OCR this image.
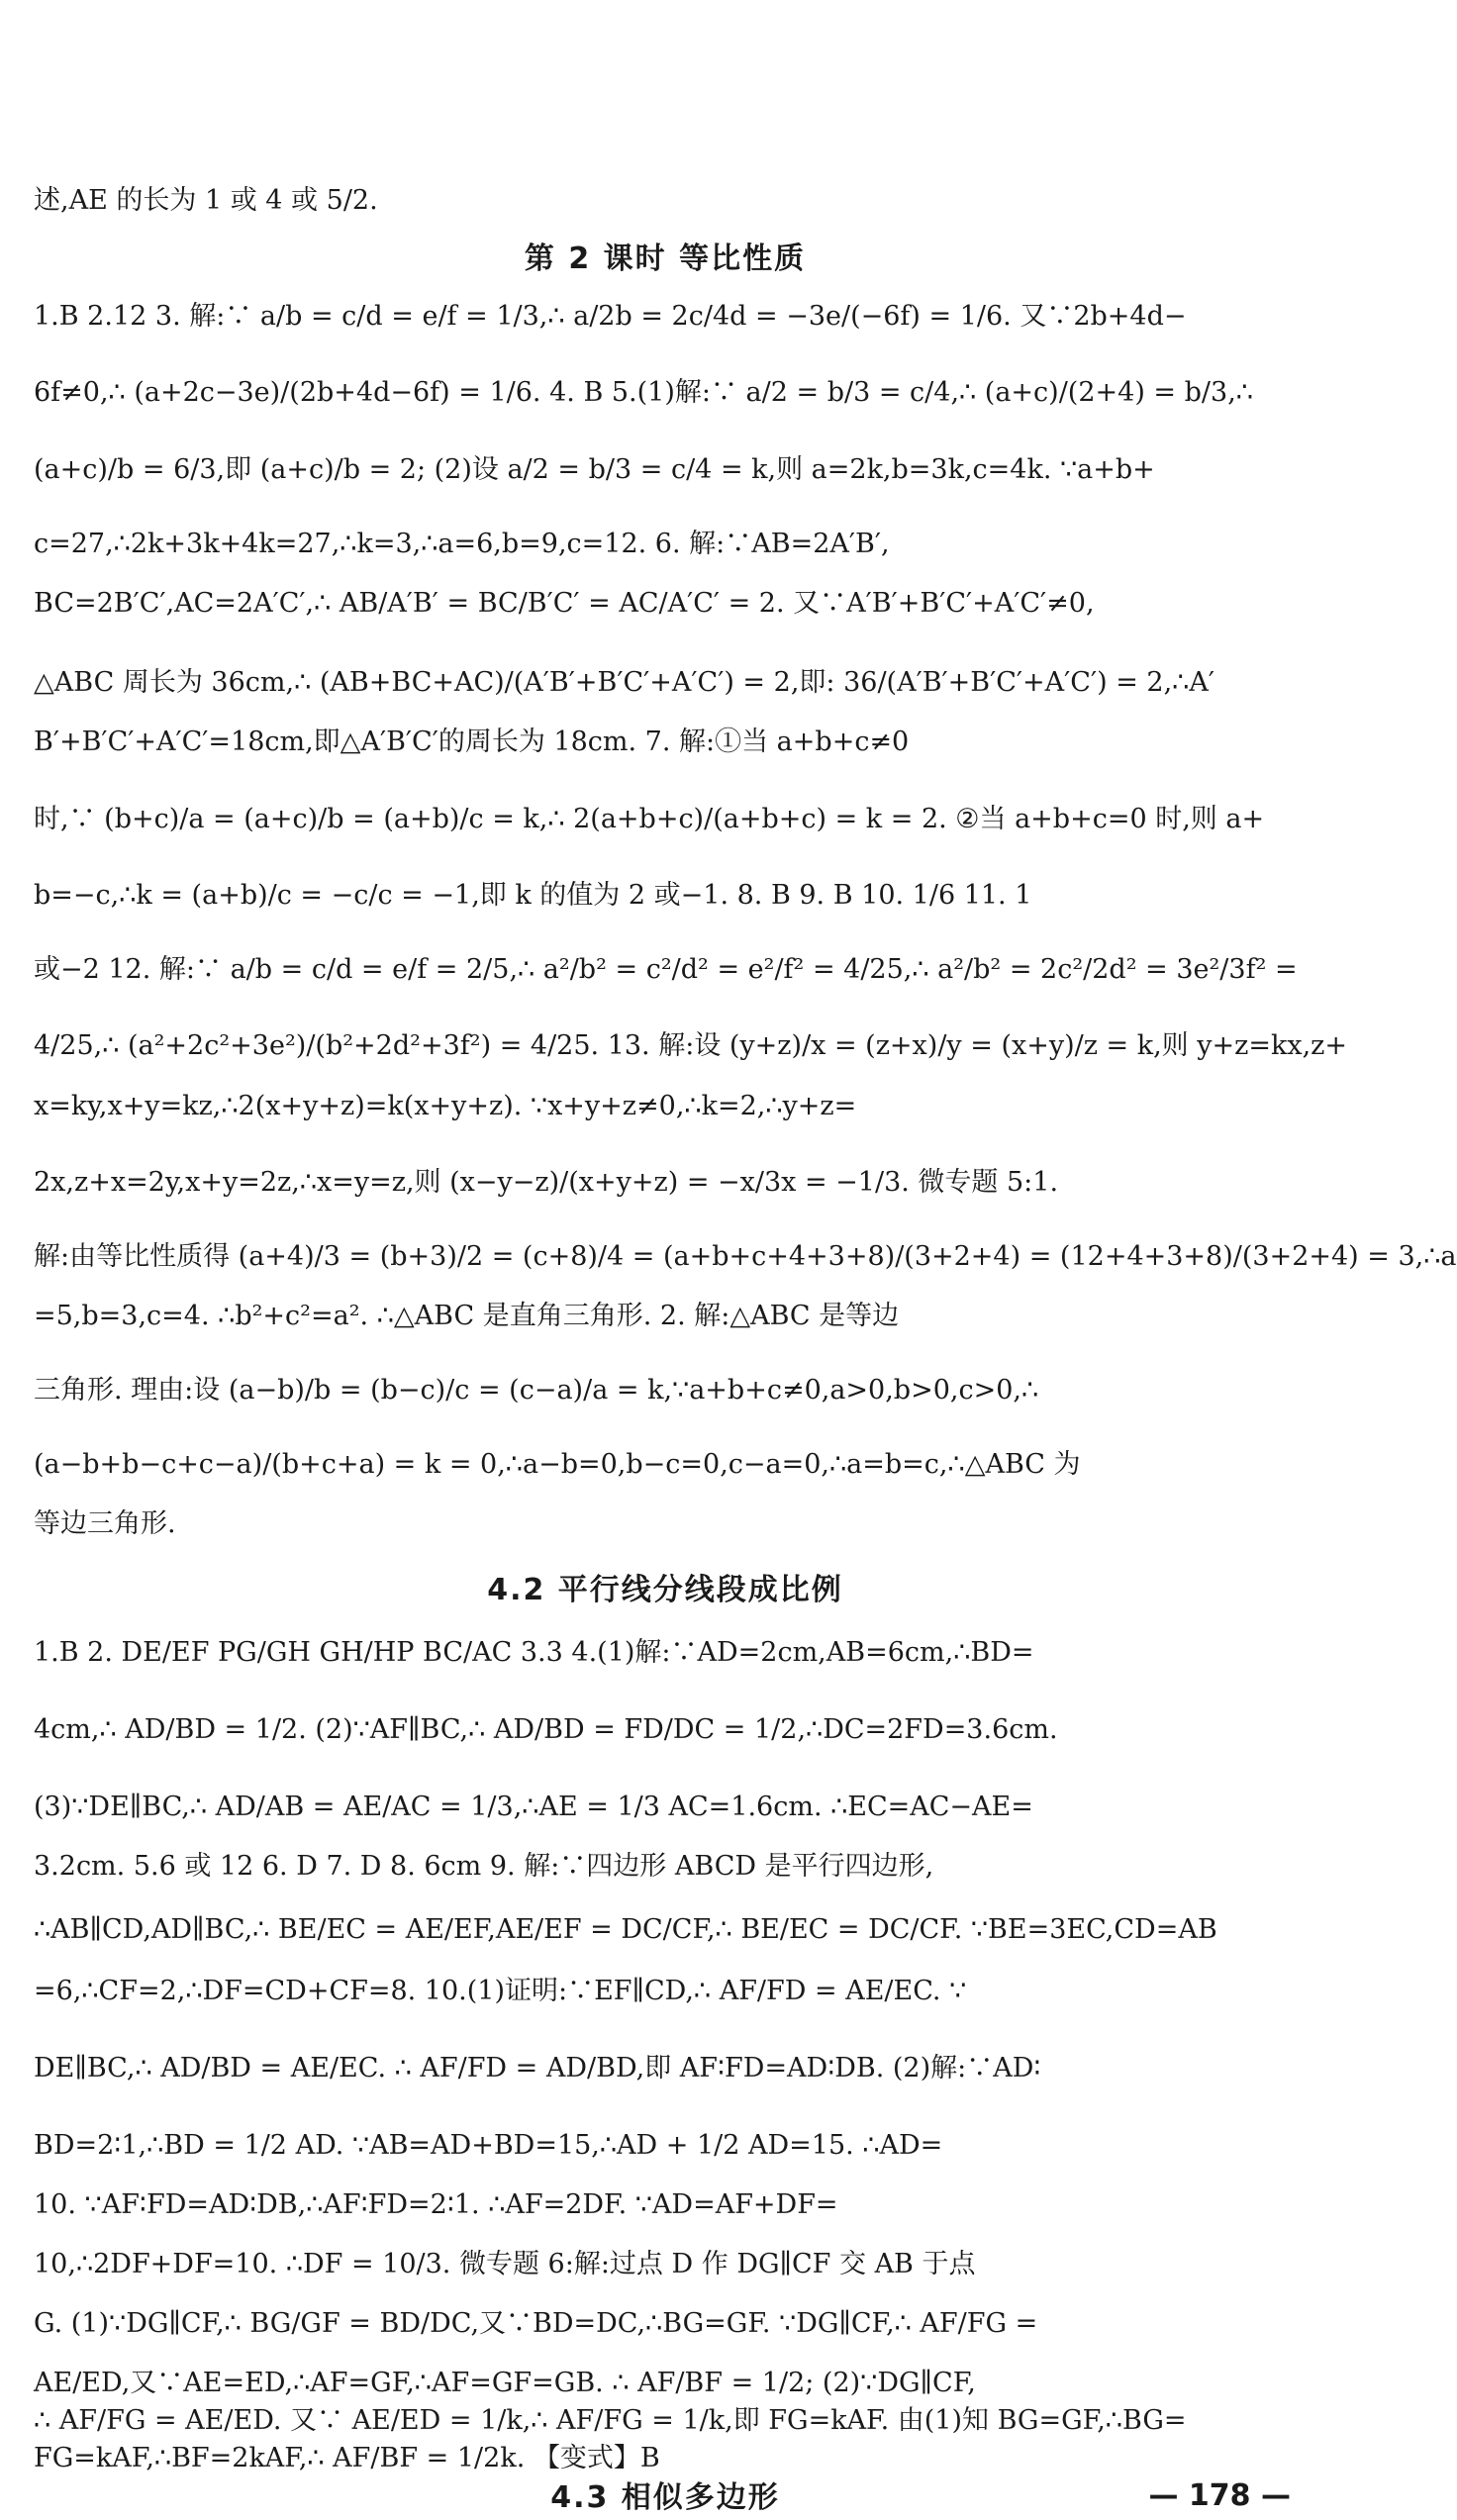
述,AE 的长为 1 或 4 或 5/2.
第 2 课时 等比性质
1.B 2.12 3. 解:∵ a/b = c/d = e/f = 1/3,∴ a/2b = 2c/4d = −3e/(−6f) = 1/6. 又∵2b+4d−
6f≠0,∴ (a+2c−3e)/(2b+4d−6f) = 1/6. 4. B 5.(1)解:∵ a/2 = b/3 = c/4,∴ (a+c)/(2+4) = b/3,∴
(a+c)/b = 6/3,即 (a+c)/b = 2; (2)设 a/2 = b/3 = c/4 = k,则 a=2k,b=3k,c=4k. ∵a+b+
c=27,∴2k+3k+4k=27,∴k=3,∴a=6,b=9,c=12. 6. 解:∵AB=2A′B′,
BC=2B′C′,AC=2A′C′,∴ AB/A′B′ = BC/B′C′ = AC/A′C′ = 2. 又∵A′B′+B′C′+A′C′≠0,
△ABC 周长为 36cm,∴ (AB+BC+AC)/(A′B′+B′C′+A′C′) = 2,即: 36/(A′B′+B′C′+A′C′) = 2,∴A′
B′+B′C′+A′C′=18cm,即△A′B′C′的周长为 18cm. 7. 解:①当 a+b+c≠0
时,∵ (b+c)/a = (a+c)/b = (a+b)/c = k,∴ 2(a+b+c)/(a+b+c) = k = 2. ②当 a+b+c=0 时,则 a+
b=−c,∴k = (a+b)/c = −c/c = −1,即 k 的值为 2 或−1. 8. B 9. B 10. 1/6 11. 1
或−2 12. 解:∵ a/b = c/d = e/f = 2/5,∴ a²/b² = c²/d² = e²/f² = 4/25,∴ a²/b² = 2c²/2d² = 3e²/3f² =
4/25,∴ (a²+2c²+3e²)/(b²+2d²+3f²) = 4/25. 13. 解:设 (y+z)/x = (z+x)/y = (x+y)/z = k,则 y+z=kx,z+
x=ky,x+y=kz,∴2(x+y+z)=k(x+y+z). ∵x+y+z≠0,∴k=2,∴y+z=
2x,z+x=2y,x+y=2z,∴x=y=z,则 (x−y−z)/(x+y+z) = −x/3x = −1/3. 微专题 5:1.
解:由等比性质得 (a+4)/3 = (b+3)/2 = (c+8)/4 = (a+b+c+4+3+8)/(3+2+4) = (12+4+3+8)/(3+2+4) = 3,∴a
=5,b=3,c=4. ∴b²+c²=a². ∴△ABC 是直角三角形. 2. 解:△ABC 是等边
三角形. 理由:设 (a−b)/b = (b−c)/c = (c−a)/a = k,∵a+b+c≠0,a>0,b>0,c>0,∴
(a−b+b−c+c−a)/(b+c+a) = k = 0,∴a−b=0,b−c=0,c−a=0,∴a=b=c,∴△ABC 为
等边三角形.
4.2 平行线分线段成比例
1.B 2. DE/EF PG/GH GH/HP BC/AC 3.3 4.(1)解:∵AD=2cm,AB=6cm,∴BD=
4cm,∴ AD/BD = 1/2. (2)∵AF∥BC,∴ AD/BD = FD/DC = 1/2,∴DC=2FD=3.6cm.
(3)∵DE∥BC,∴ AD/AB = AE/AC = 1/3,∴AE = 1/3 AC=1.6cm. ∴EC=AC−AE=
3.2cm. 5.6 或 12 6. D 7. D 8. 6cm 9. 解:∵四边形 ABCD 是平行四边形,
∴AB∥CD,AD∥BC,∴ BE/EC = AE/EF,AE/EF = DC/CF,∴ BE/EC = DC/CF. ∵BE=3EC,CD=AB
=6,∴CF=2,∴DF=CD+CF=8. 10.(1)证明:∵EF∥CD,∴ AF/FD = AE/EC. ∵
DE∥BC,∴ AD/BD = AE/EC. ∴ AF/FD = AD/BD,即 AF∶FD=AD∶DB. (2)解:∵AD∶
BD=2∶1,∴BD = 1/2 AD. ∵AB=AD+BD=15,∴AD + 1/2 AD=15. ∴AD=
10. ∵AF∶FD=AD∶DB,∴AF∶FD=2∶1. ∴AF=2DF. ∵AD=AF+DF=
10,∴2DF+DF=10. ∴DF = 10/3. 微专题 6:解:过点 D 作 DG∥CF 交 AB 于点
G. (1)∵DG∥CF,∴ BG/GF = BD/DC,又∵BD=DC,∴BG=GF. ∵DG∥CF,∴ AF/FG =
AE/ED,又∵AE=ED,∴AF=GF,∴AF=GF=GB. ∴ AF/BF = 1/2; (2)∵DG∥CF,
∴ AF/FG = AE/ED. 又∵ AE/ED = 1/k,∴ AF/FG = 1/k,即 FG=kAF. 由(1)知 BG=GF,∴BG=
FG=kAF,∴BF=2kAF,∴ AF/BF = 1/2k. 【变式】B
4.3 相似多边形	— 178 —
